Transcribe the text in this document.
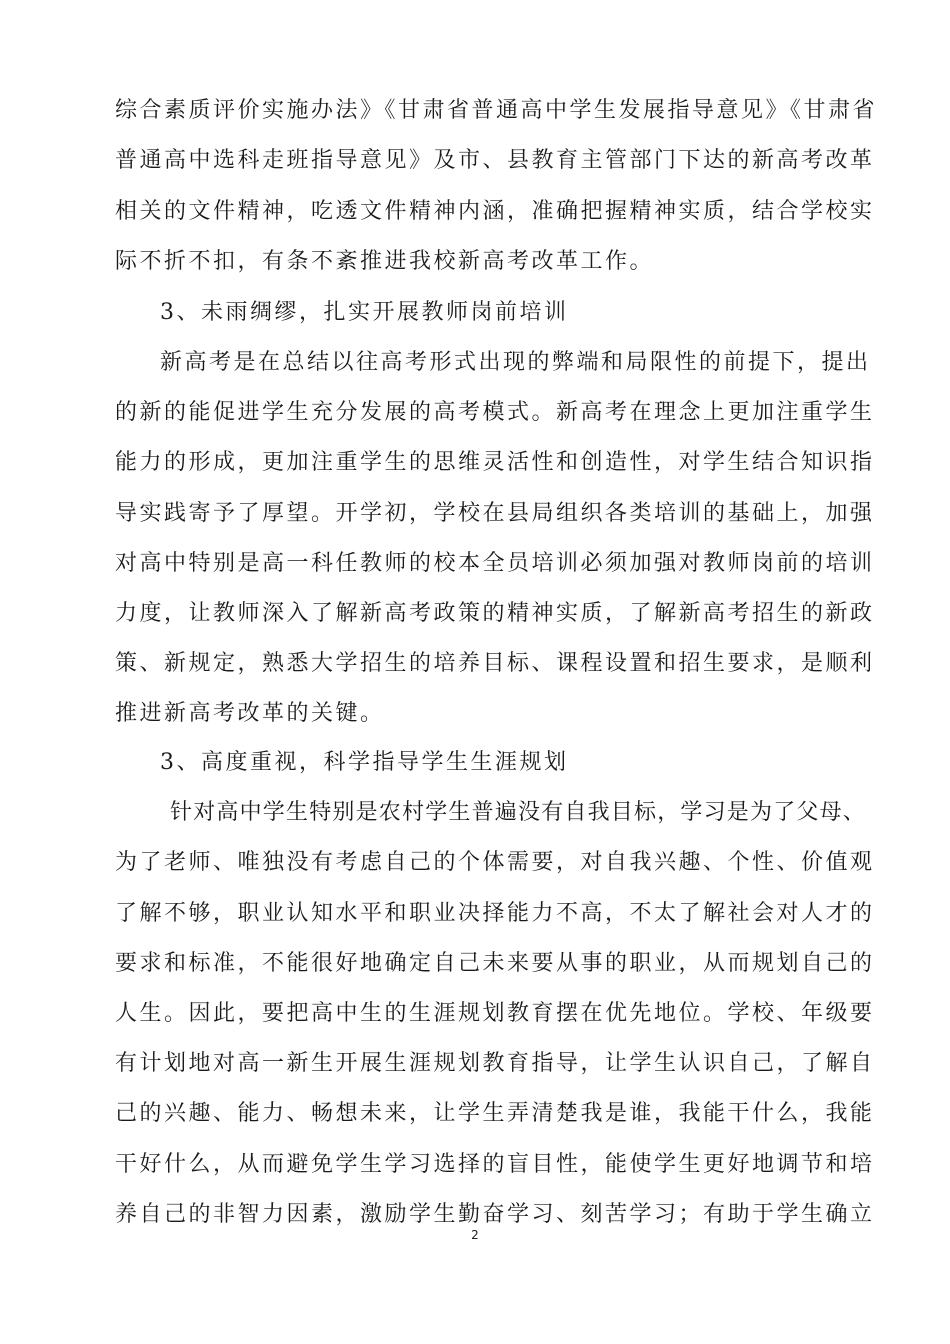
综合素质评价实施办法》《甘肃省普通高中学生发展指导意见》《甘肃省
普通高中选科走班指导意见》及市、县教育主管部门下达的新高考改革
相关的文件精神，吃透文件精神内涵，准确把握精神实质，结合学校实
际不折不扣，有条不紊推进我校新高考改革工作。
3、未雨绸缪，扎实开展教师岗前培训
新高考是在总结以往高考形式出现的弊端和局限性的前提下，提出
的新的能促进学生充分发展的高考模式。新高考在理念上更加注重学生
能力的形成，更加注重学生的思维灵活性和创造性，对学生结合知识指
导实践寄予了厚望。开学初，学校在县局组织各类培训的基础上，加强
对高中特别是高一科任教师的校本全员培训必须加强对教师岗前的培训
力度，让教师深入了解新高考政策的精神实质，了解新高考招生的新政
策、新规定，熟悉大学招生的培养目标、课程设置和招生要求，是顺利
推进新高考改革的关键。
3、高度重视，科学指导学生生涯规划
针对高中学生特别是农村学生普遍没有自我目标，学习是为了父母、
为了老师、唯独没有考虑自己的个体需要，对自我兴趣、个性、价值观
了解不够，职业认知水平和职业决择能力不高，不太了解社会对人才的
要求和标准，不能很好地确定自己未来要从事的职业，从而规划自己的
人生。因此，要把高中生的生涯规划教育摆在优先地位。学校、年级要
有计划地对高一新生开展生涯规划教育指导，让学生认识自己，了解自
己的兴趣、能力、畅想未来，让学生弄清楚我是谁，我能干什么，我能
干好什么，从而避免学生学习选择的盲目性，能使学生更好地调节和培
养自己的非智力因素，激励学生勤奋学习、刻苦学习；有助于学生确立
2
